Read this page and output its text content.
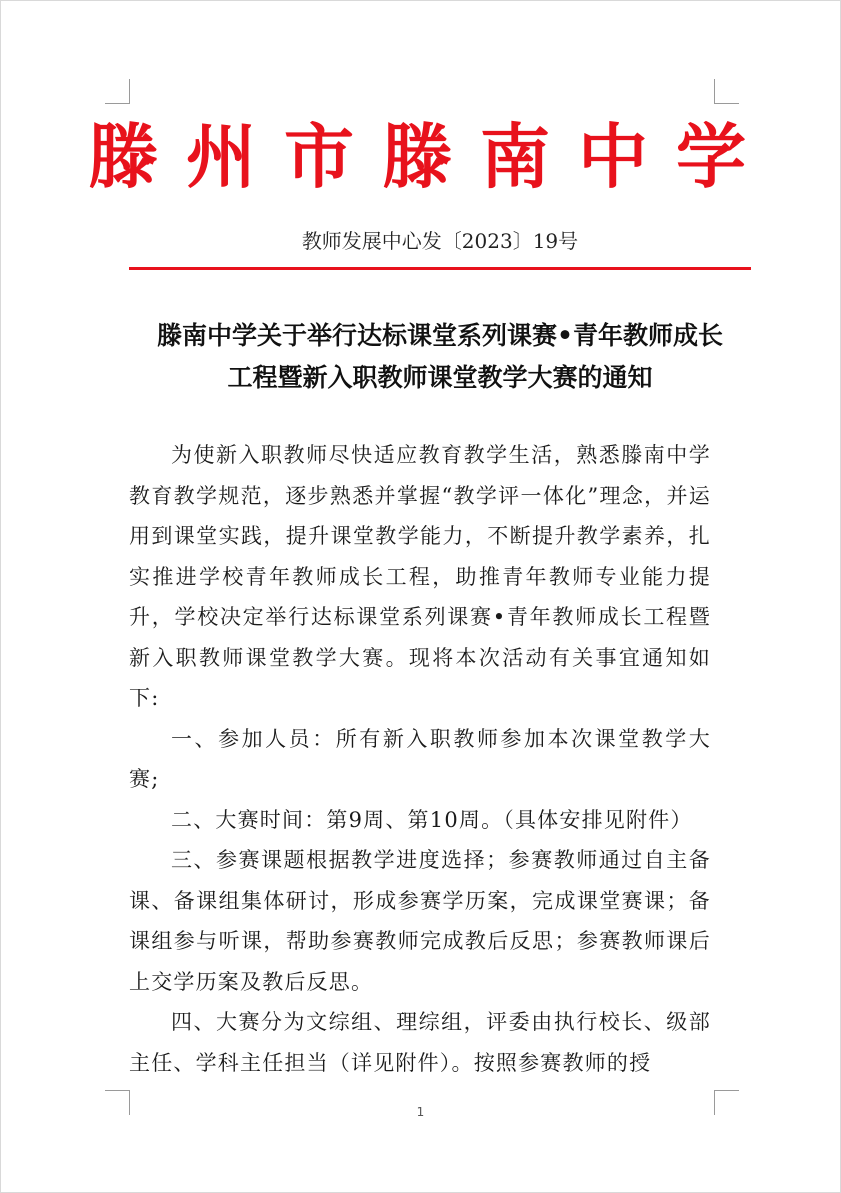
滕州市滕南中学
教师发展中心发〔2023〕19号
滕南中学关于举行达标课堂系列课赛•青年教师成长
工程暨新入职教师课堂教学大赛的通知

为使新入职教师尽快适应教育教学生活，熟悉滕南中学教育教学规范，逐步熟悉并掌握“教学评一体化”理念，并运用到课堂实践，提升课堂教学能力，不断提升教学素养，扎实推进学校青年教师成长工程，助推青年教师专业能力提升，学校决定举行达标课堂系列课赛•青年教师成长工程暨新入职教师课堂教学大赛。现将本次活动有关事宜通知如下:

一、参加人员：所有新入职教师参加本次课堂教学大赛;

二、大赛时间：第9周、第10周。（具体安排见附件）

三、参赛课题根据教学进度选择；参赛教师通过自主备课、备课组集体研讨，形成参赛学历案，完成课堂赛课；备课组参与听课，帮助参赛教师完成教后反思；参赛教师课后上交学历案及教后反思。

四、大赛分为文综组、理综组，评委由执行校长、级部主任、学科主任担当（详见附件）。按照参赛教师的授

1
